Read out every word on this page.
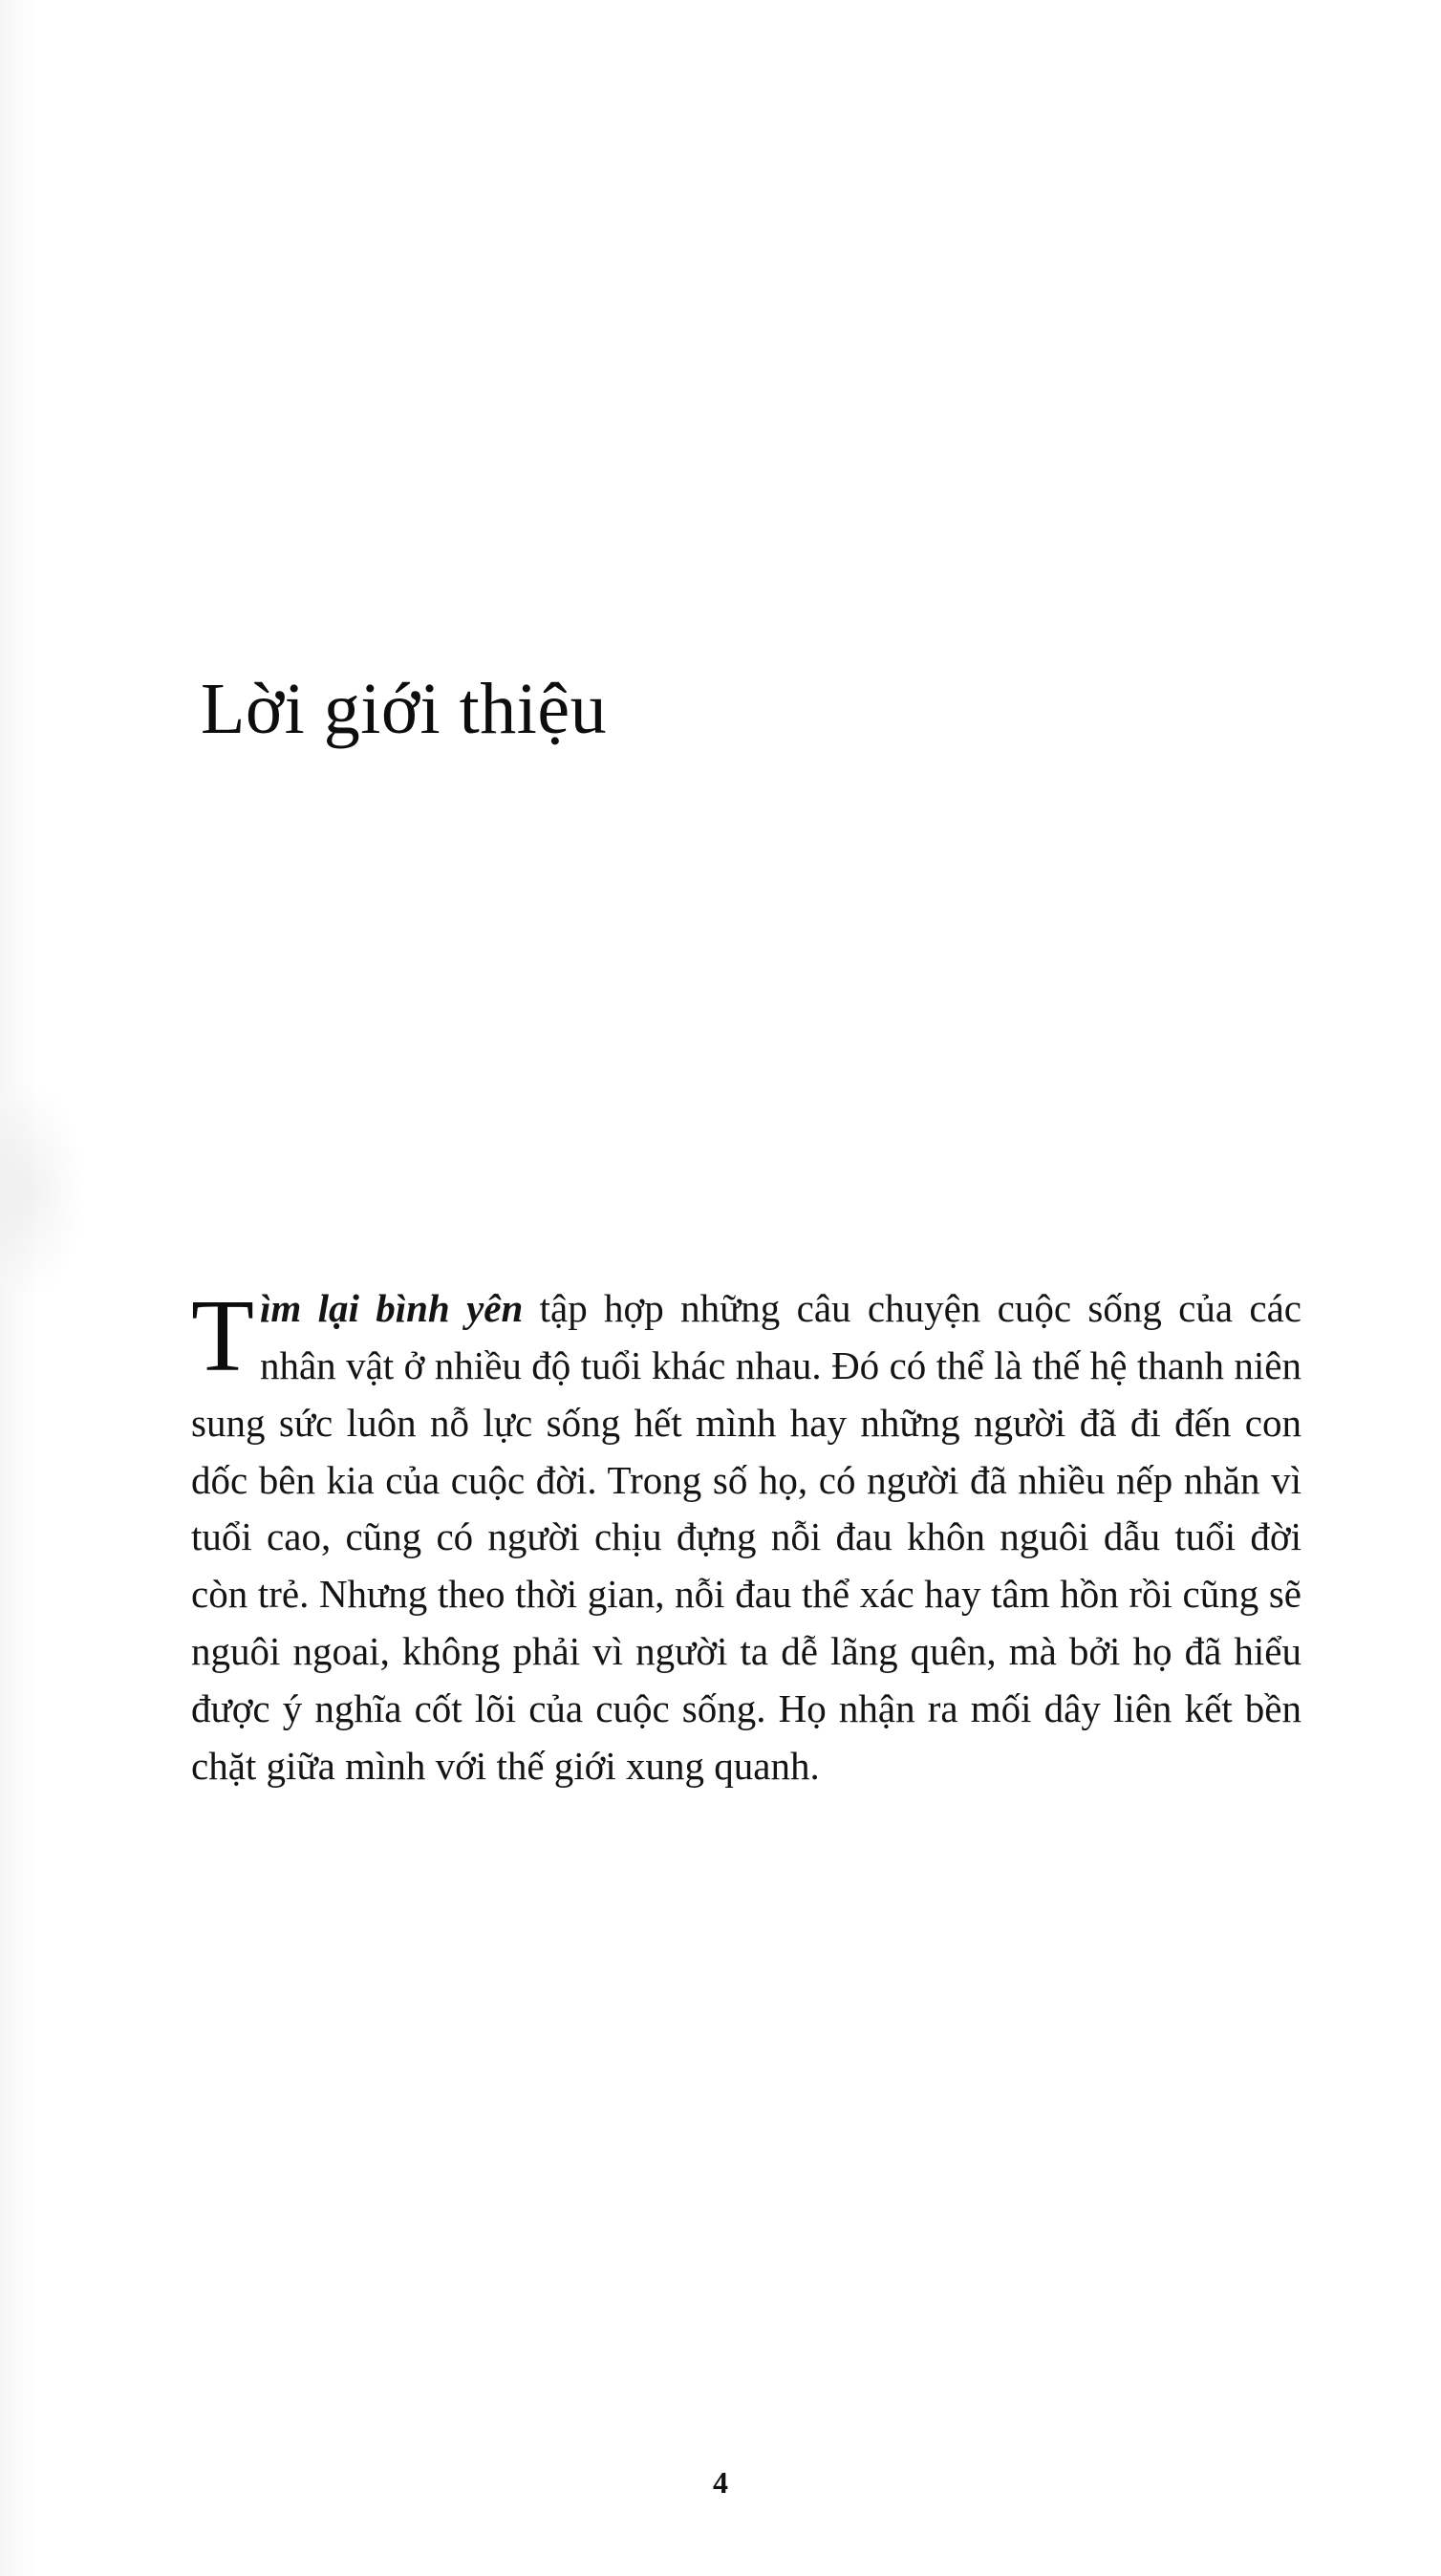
Lời giới thiệu

Tìm lại bình yên tập hợp những câu chuyện cuộc sống của các nhân vật ở nhiều độ tuổi khác nhau. Đó có thể là thế hệ thanh niên sung sức luôn nỗ lực sống hết mình hay những người đã đi đến con dốc bên kia của cuộc đời. Trong số họ, có người đã nhiều nếp nhăn vì tuổi cao, cũng có người chịu đựng nỗi đau khôn nguôi dẫu tuổi đời còn trẻ. Nhưng theo thời gian, nỗi đau thể xác hay tâm hồn rồi cũng sẽ nguôi ngoai, không phải vì người ta dễ lãng quên, mà bởi họ đã hiểu được ý nghĩa cốt lõi của cuộc sống. Họ nhận ra mối dây liên kết bền chặt giữa mình với thế giới xung quanh.

4
